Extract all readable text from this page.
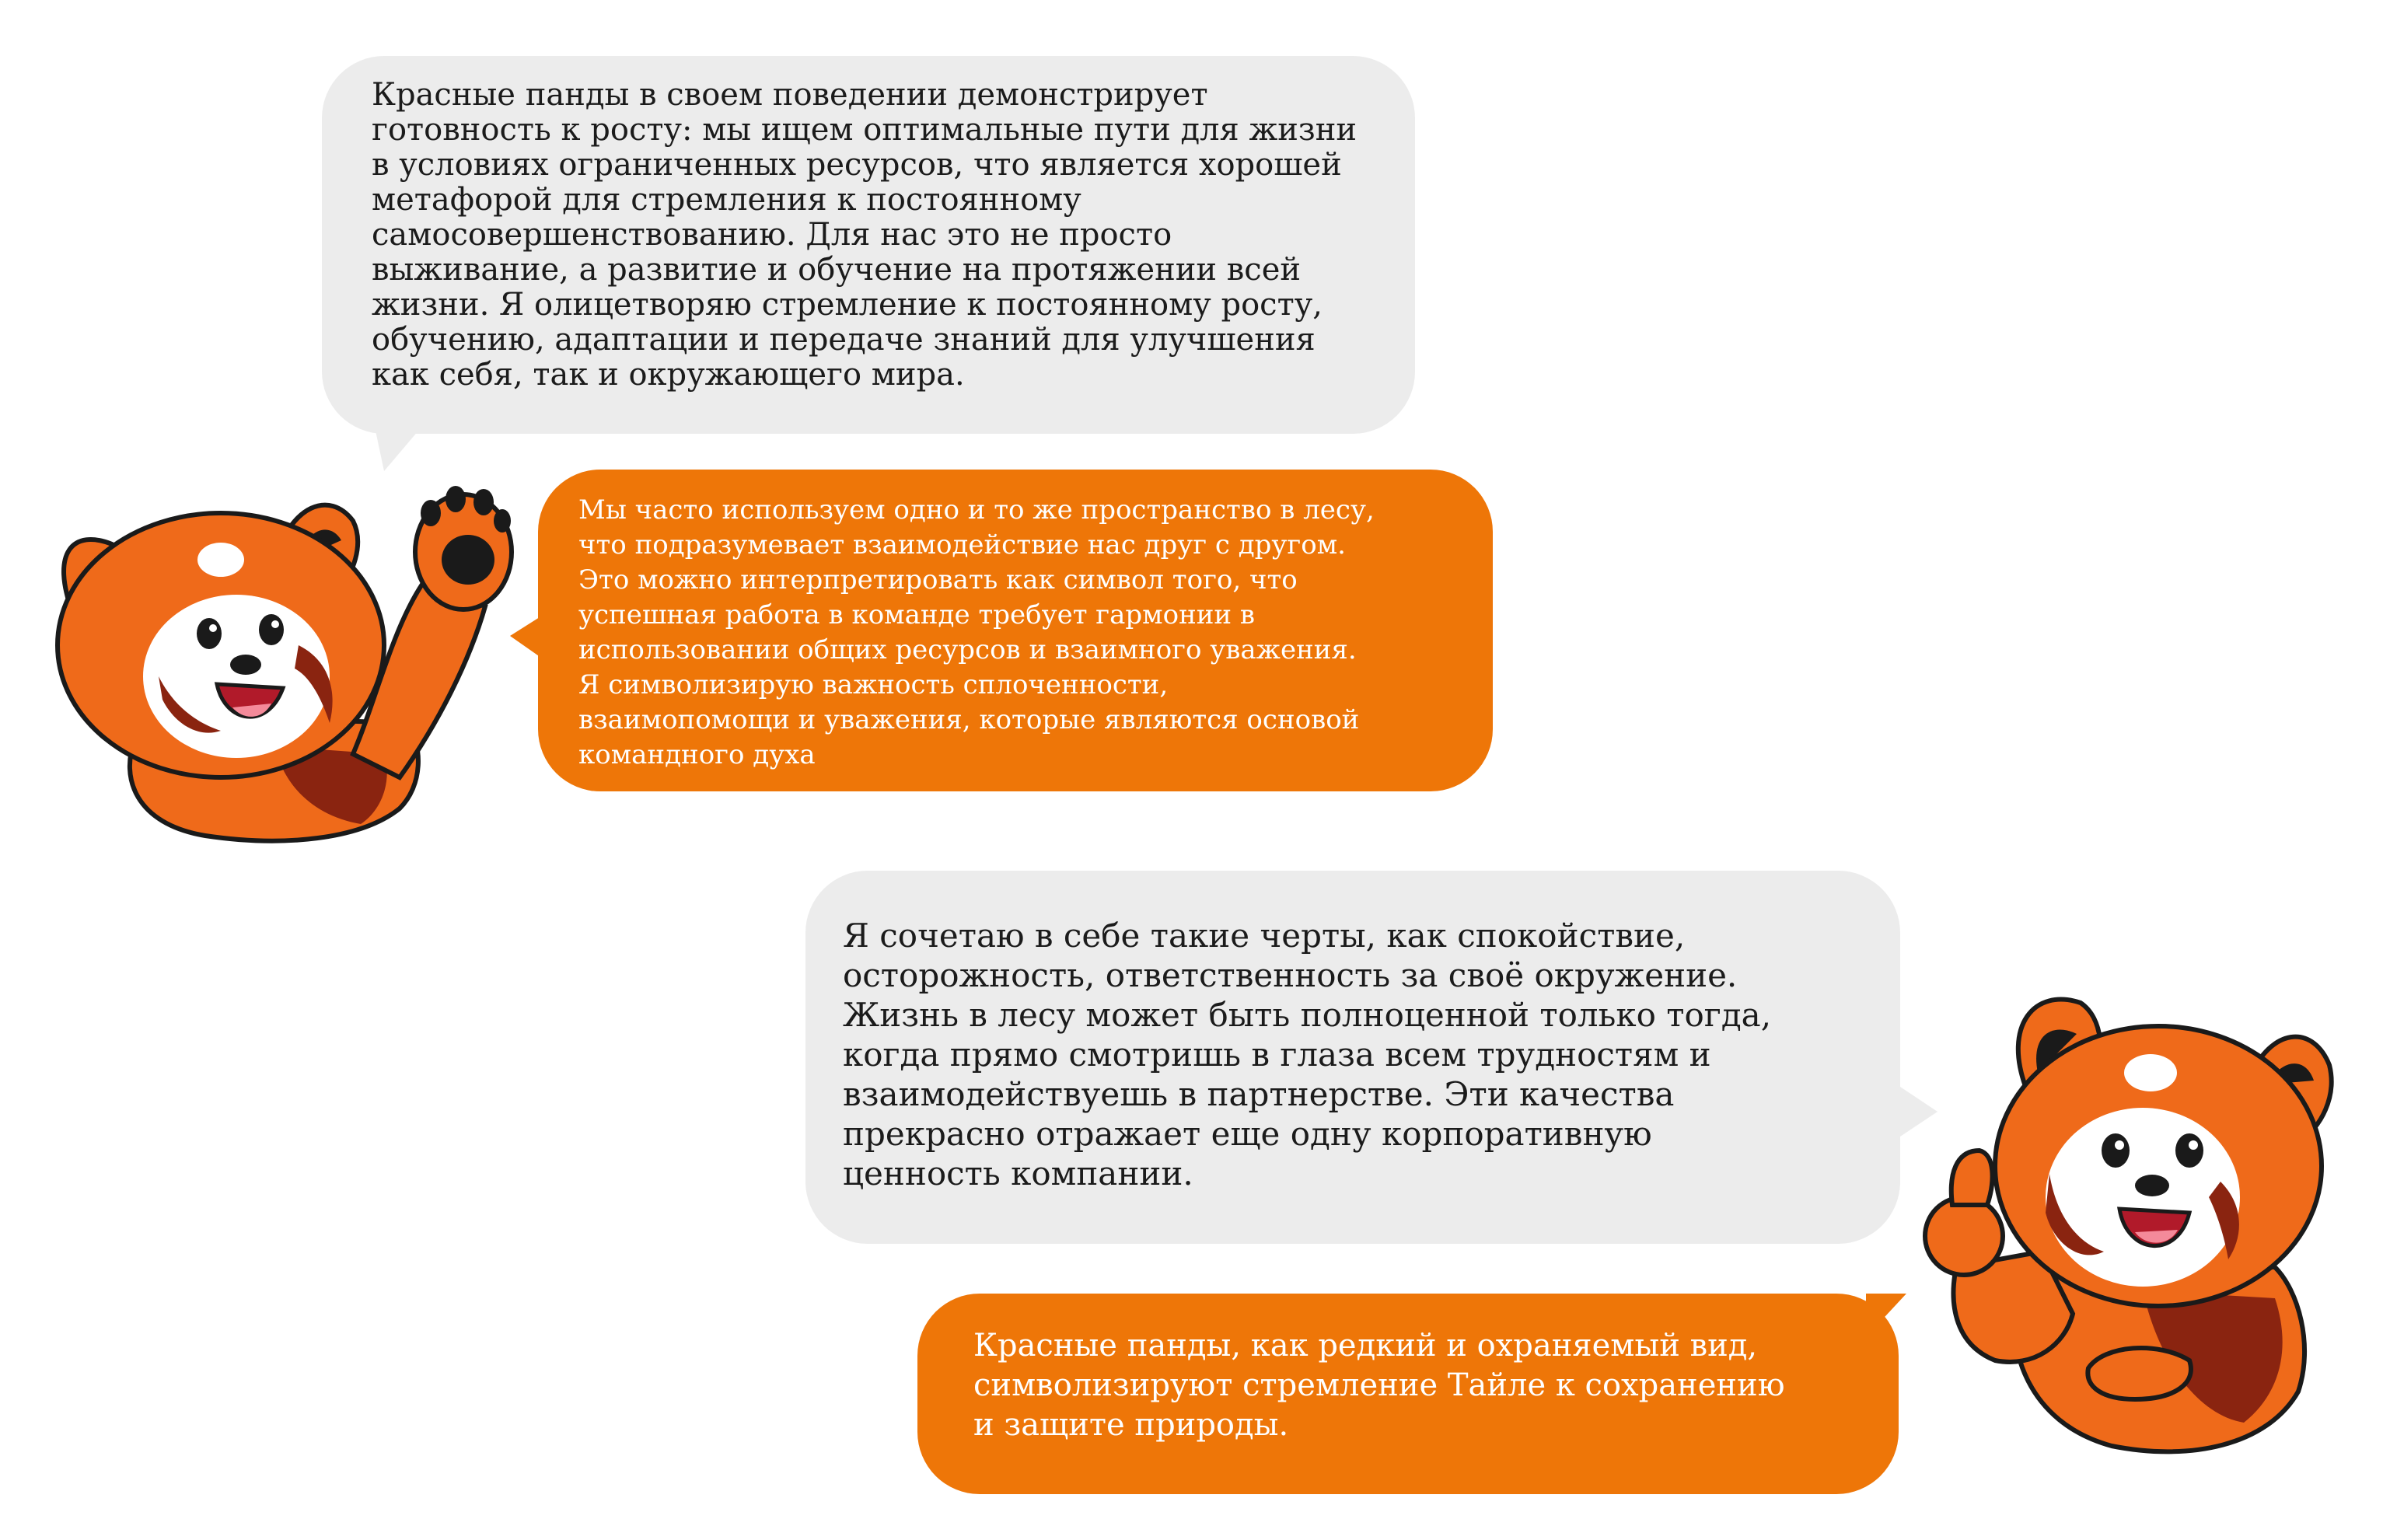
Красные панды в своем поведении демонстрирует
готовность к росту: мы ищем оптимальные пути для жизни
в условиях ограниченных ресурсов, что является хорошей
метафорой для стремления к постоянному
самосовершенствованию. Для нас это не просто
выживание, а развитие и обучение на протяжении всей
жизни. Я олицетворяю стремление к постоянному росту,
обучению, адаптации и передаче знаний для улучшения
как себя, так и окружающего мира.

Мы часто используем одно и то же пространство в лесу,
что подразумевает взаимодействие нас друг с другом.
Это можно интерпретировать как символ того, что
успешная работа в команде требует гармонии в
использовании общих ресурсов и взаимного уважения.
Я символизирую важность сплоченности,
взаимопомощи и уважения, которые являются основой
командного духа

Я сочетаю в себе такие черты, как спокойствие,
осторожность, ответственность за своё окружение.
Жизнь в лесу может быть полноценной только тогда,
когда прямо смотришь в глаза всем трудностям и
взаимодействуешь в партнерстве. Эти качества
прекрасно отражает еще одну корпоративную
ценность компании.

Красные панды, как редкий и охраняемый вид,
символизируют стремление Тайле к сохранению
и защите природы.
